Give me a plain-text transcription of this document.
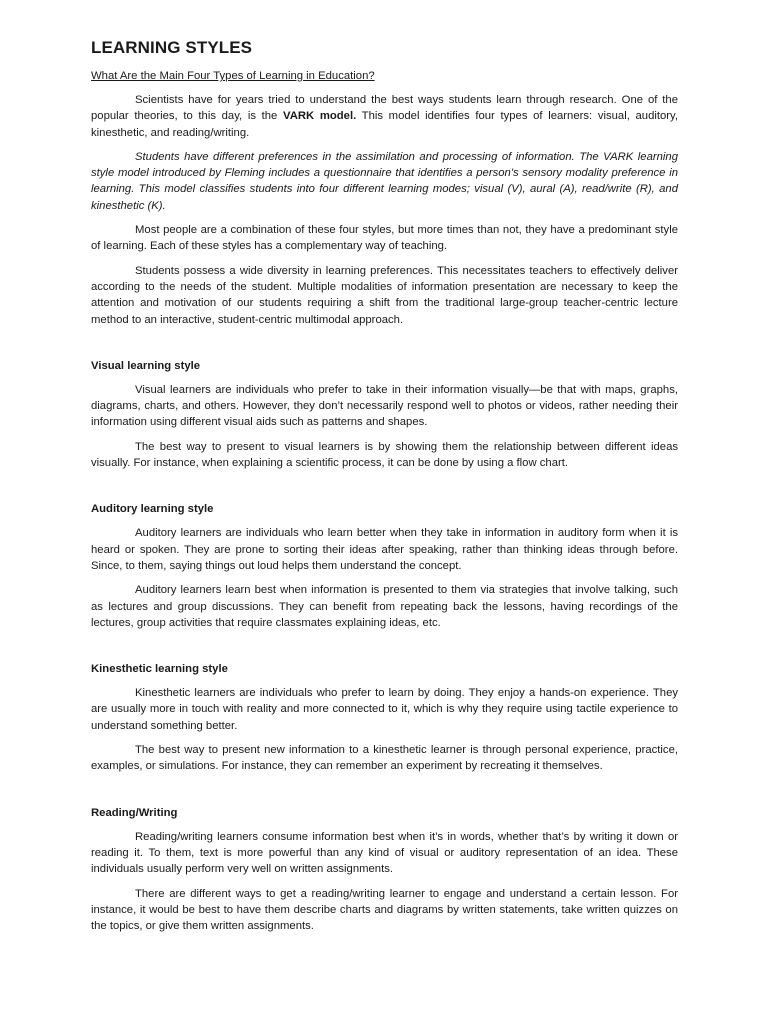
LEARNING STYLES

What Are the Main Four Types of Learning in Education?

Scientists have for years tried to understand the best ways students learn through research. One of the popular theories, to this day, is the VARK model. This model identifies four types of learners: visual, auditory, kinesthetic, and reading/writing.

Students have different preferences in the assimilation and processing of information. The VARK learning style model introduced by Fleming includes a questionnaire that identifies a person's sensory modality preference in learning. This model classifies students into four different learning modes; visual (V), aural (A), read/write (R), and kinesthetic (K).

Most people are a combination of these four styles, but more times than not, they have a predominant style of learning. Each of these styles has a complementary way of teaching.

Students possess a wide diversity in learning preferences. This necessitates teachers to effectively deliver according to the needs of the student. Multiple modalities of information presentation are necessary to keep the attention and motivation of our students requiring a shift from the traditional large-group teacher-centric lecture method to an interactive, student-centric multimodal approach.

Visual learning style

Visual learners are individuals who prefer to take in their information visually—be that with maps, graphs, diagrams, charts, and others. However, they don’t necessarily respond well to photos or videos, rather needing their information using different visual aids such as patterns and shapes.

The best way to present to visual learners is by showing them the relationship between different ideas visually. For instance, when explaining a scientific process, it can be done by using a flow chart.

Auditory learning style

Auditory learners are individuals who learn better when they take in information in auditory form when it is heard or spoken. They are prone to sorting their ideas after speaking, rather than thinking ideas through before. Since, to them, saying things out loud helps them understand the concept.

Auditory learners learn best when information is presented to them via strategies that involve talking, such as lectures and group discussions. They can benefit from repeating back the lessons, having recordings of the lectures, group activities that require classmates explaining ideas, etc.

Kinesthetic learning style

Kinesthetic learners are individuals who prefer to learn by doing. They enjoy a hands-on experience. They are usually more in touch with reality and more connected to it, which is why they require using tactile experience to understand something better.

The best way to present new information to a kinesthetic learner is through personal experience, practice, examples, or simulations. For instance, they can remember an experiment by recreating it themselves.

Reading/Writing

Reading/writing learners consume information best when it’s in words, whether that’s by writing it down or reading it. To them, text is more powerful than any kind of visual or auditory representation of an idea. These individuals usually perform very well on written assignments.

There are different ways to get a reading/writing learner to engage and understand a certain lesson. For instance, it would be best to have them describe charts and diagrams by written statements, take written quizzes on the topics, or give them written assignments.
